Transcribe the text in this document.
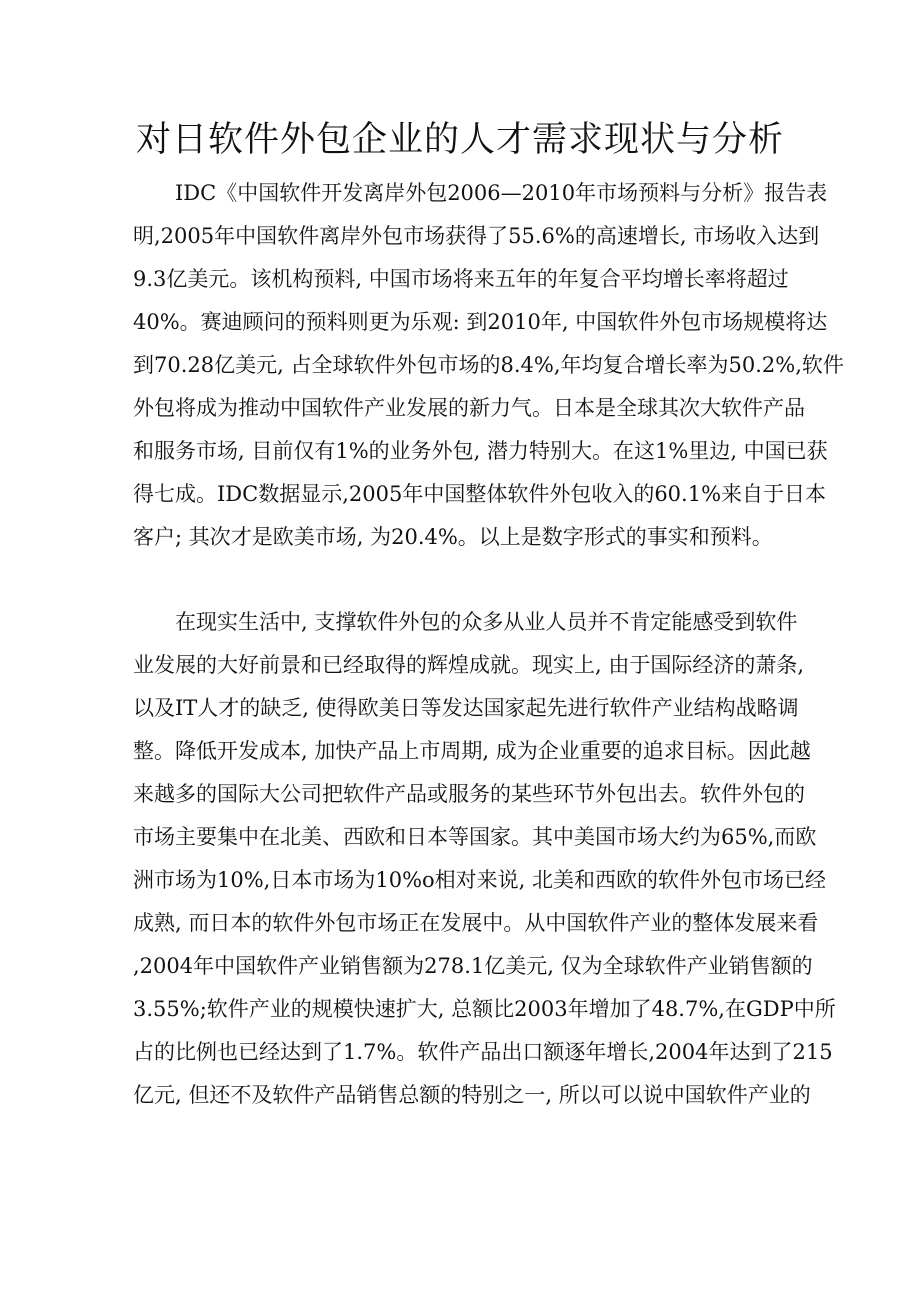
对日软件外包企业的人才需求现状与分析
　　IDC《中国软件开发离岸外包2006—2010年市场预料与分析》报告表
明,2005年中国软件离岸外包市场获得了55.6%的高速增长, 市场收入达到
9.3亿美元。该机构预料, 中国市场将来五年的年复合平均增长率将超过
40%。赛迪顾问的预料则更为乐观: 到2010年, 中国软件外包市场规模将达
到70.28亿美元, 占全球软件外包市场的8.4%,年均复合增长率为50.2%,软件
外包将成为推动中国软件产业发展的新力气。日本是全球其次大软件产品
和服务市场, 目前仅有1%的业务外包, 潜力特别大。在这1%里边, 中国已获
得七成。IDC数据显示,2005年中国整体软件外包收入的60.1%来自于日本
客户; 其次才是欧美市场, 为20.4%。以上是数字形式的事实和预料。
　　在现实生活中, 支撑软件外包的众多从业人员并不肯定能感受到软件
业发展的大好前景和已经取得的辉煌成就。现实上, 由于国际经济的萧条,
以及IT人才的缺乏, 使得欧美日等发达国家起先进行软件产业结构战略调
整。降低开发成本, 加快产品上市周期, 成为企业重要的追求目标。因此越
来越多的国际大公司把软件产品或服务的某些环节外包出去。软件外包的
市场主要集中在北美、西欧和日本等国家。其中美国市场大约为65%,而欧
洲市场为10%,日本市场为10%o相对来说, 北美和西欧的软件外包市场已经
成熟, 而日本的软件外包市场正在发展中。从中国软件产业的整体发展来看
,2004年中国软件产业销售额为278.1亿美元, 仅为全球软件产业销售额的
3.55%;软件产业的规模快速扩大, 总额比2003年增加了48.7%,在GDP中所
占的比例也已经达到了1.7%。软件产品出口额逐年增长,2004年达到了215
亿元, 但还不及软件产品销售总额的特别之一, 所以可以说中国软件产业的
